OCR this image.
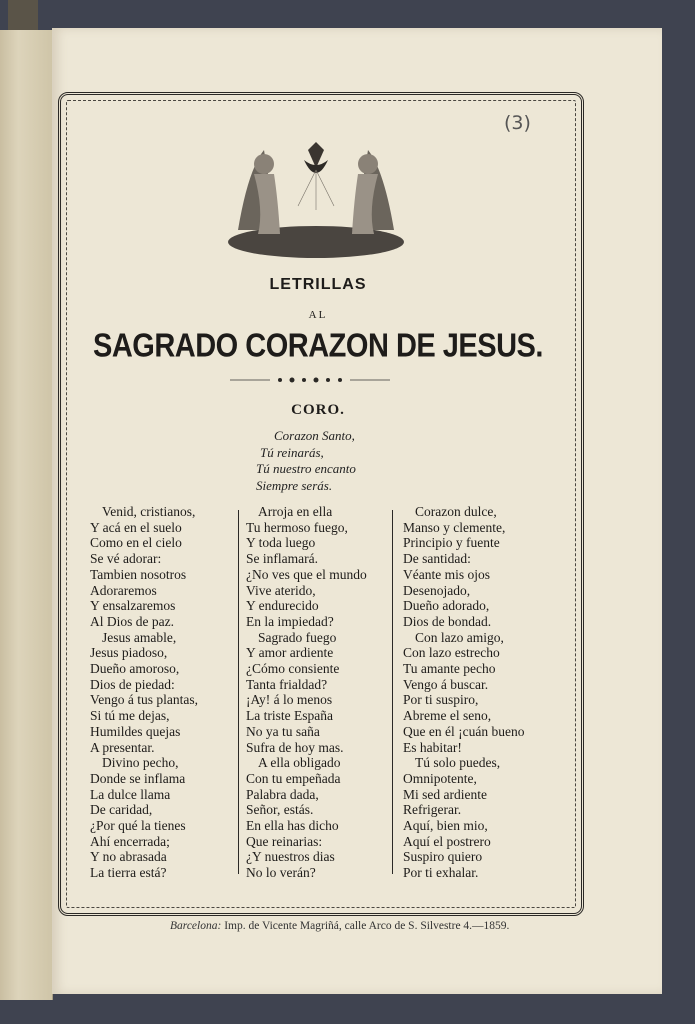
(3)
LETRILLAS
AL
SAGRADO CORAZON DE JESUS.
CORO.
Corazon Santo,
Tú reinarás,
Tú nuestro encanto
Siempre serás.
Venid, cristianos,
Y acá en el suelo
Como en el cielo
Se vé adorar:
Tambien nosotros
Adoraremos
Y ensalzaremos
Al Dios de paz.
Jesus amable,
Jesus piadoso,
Dueño amoroso,
Dios de piedad:
Vengo á tus plantas,
Si tú me dejas,
Humildes quejas
A presentar.
Divino pecho,
Donde se inflama
La dulce llama
De caridad,
¿Por qué la tienes
Ahí encerrada;
Y no abrasada
La tierra está?
Arroja en ella
Tu hermoso fuego,
Y toda luego
Se inflamará.
¿No ves que el mundo
Vive aterido,
Y endurecido
En la impiedad?
Sagrado fuego
Y amor ardiente
¿Cómo consiente
Tanta frialdad?
¡Ay! á lo menos
La triste España
No ya tu saña
Sufra de hoy mas.
A ella obligado
Con tu empeñada
Palabra dada,
Señor, estás.
En ella has dicho
Que reinarias:
¿Y nuestros dias
No lo verán?
Corazon dulce,
Manso y clemente,
Principio y fuente
De santidad:
Véante mis ojos
Desenojado,
Dueño adorado,
Dios de bondad.
Con lazo amigo,
Con lazo estrecho
Tu amante pecho
Vengo á buscar.
Por ti suspiro,
Abreme el seno,
Que en él ¡cuán bueno
Es habitar!
Tú solo puedes,
Omnipotente,
Mi sed ardiente
Refrigerar.
Aquí, bien mio,
Aquí el postrero
Suspiro quiero
Por ti exhalar.
Barcelona: Imp. de Vicente Magriñá, calle Arco de S. Silvestre 4.—1859.
